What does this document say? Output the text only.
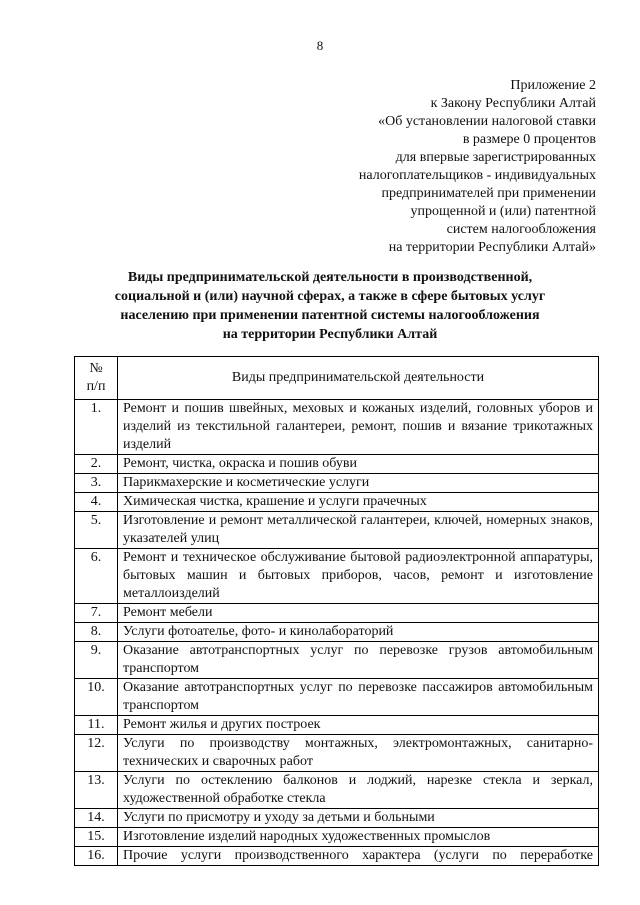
8
Приложение 2
к Закону Республики Алтай
«Об установлении налоговой ставки
в размере 0 процентов
для впервые зарегистрированных
налогоплательщиков - индивидуальных
предпринимателей при применении
упрощенной и (или) патентной
систем налогообложения
на территории Республики Алтай»
Виды предпринимательской деятельности в производственной,
социальной и (или) научной сферах, а также в сфере бытовых услуг
населению при применении патентной системы налогообложения
на территории Республики Алтай
№
п/п	Виды предпринимательской деятельности
1.	Ремонт и пошив швейных, меховых и кожаных изделий, головных уборов и изделий из текстильной галантереи, ремонт, пошив и вязание трикотажных изделий
2.	Ремонт, чистка, окраска и пошив обуви
3.	Парикмахерские и косметические услуги
4.	Химическая чистка, крашение и услуги прачечных
5.	Изготовление и ремонт металлической галантереи, ключей, номерных знаков, указателей улиц
6.	Ремонт и техническое обслуживание бытовой радиоэлектронной аппаратуры, бытовых машин и бытовых приборов, часов, ремонт и изготовление металлоизделий
7.	Ремонт мебели
8.	Услуги фотоателье, фото- и кинолабораторий
9.	Оказание автотранспортных услуг по перевозке грузов автомобильным транспортом
10.	Оказание автотранспортных услуг по перевозке пассажиров автомобильным транспортом
11.	Ремонт жилья и других построек
12.	Услуги по производству монтажных, электромонтажных, санитарно-технических и сварочных работ
13.	Услуги по остеклению балконов и лоджий, нарезке стекла и зеркал, художественной обработке стекла
14.	Услуги по присмотру и уходу за детьми и больными
15.	Изготовление изделий народных художественных промыслов
16.	Прочие услуги производственного характера (услуги по переработке
